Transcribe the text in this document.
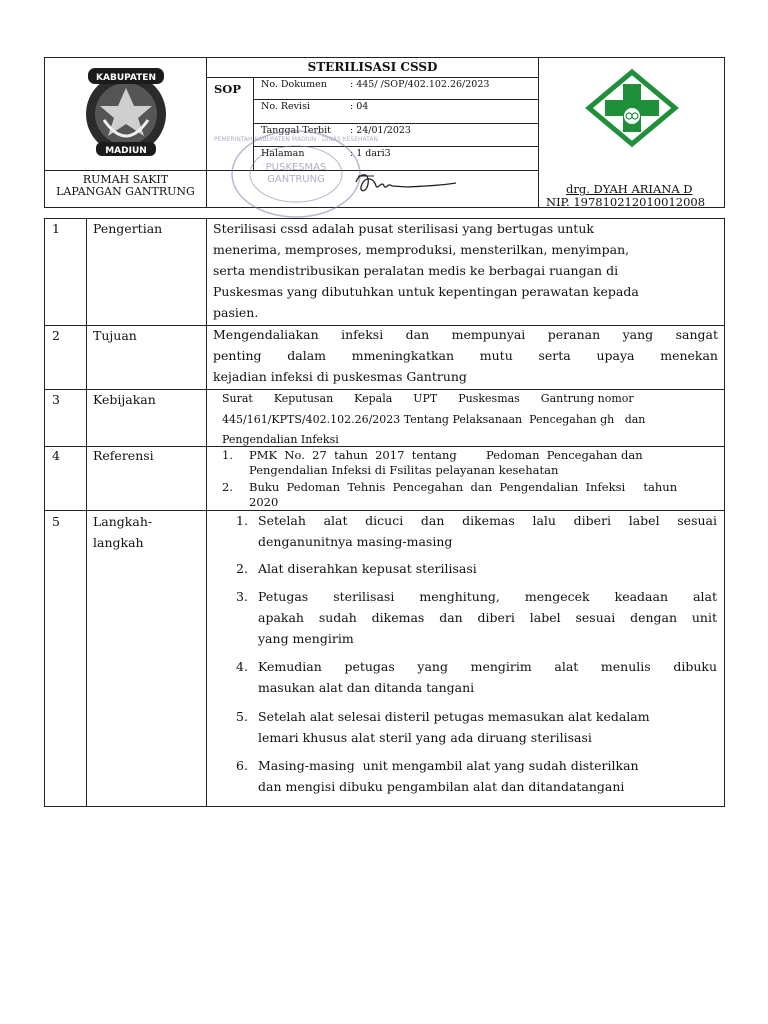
KABUPATEN
MADIUN
RUMAH SAKIT
LAPANGAN GANTRUNG
STERILISASI CSSD
SOP No. Dokumen : 445/ /SOP/402.102.26/2023
No. Revisi	: 04
Tanggal Terbit : 24/01/2023
Halaman	: 1 dari3
PUSKESMAS
GANTRUNG
PEMERINTAH KABUPATEN MADIUN · DINAS KESEHATAN
drg. DYAH ARIANA D
NIP. 197810212010012008
1	Pengertian	Sterilisasi cssd adalah pusat sterilisasi yang bertugas untuk
menerima, memproses, memproduksi, mensterilkan, menyimpan,
serta mendistribusikan peralatan medis ke berbagai ruangan di
Puskesmas yang dibutuhkan untuk kepentingan perawatan kepada
pasien.
2	Tujuan	Mengendaliakan infeksi dan mempunyai peranan yang sangat
penting dalam mmeningkatkan mutu serta upaya menekan
kejadian infeksi di puskesmas Gantrung
3	Kebijakan	Surat      Keputusan      Kepala      UPT      Puskesmas      Gantrung nomor
445/161/KPTS/402.102.26/2023 Tentang Pelaksanaan  Pencegahan gh   dan
Pengendalian Infeksi
4	Referensi	1. PMK  No.  27  tahun  2017  tentang        Pedoman  Pencegahan dan
Pengendalian Infeksi di Fsilitas pelayanan kesehatan
2. Buku  Pedoman  Tehnis  Pencegahan  dan  Pengendalian  Infeksi     tahun
2020
5	Langkah-
langkah
1. Setelah alat dicuci dan dikemas lalu diberi label sesuai
denganunitnya masing-masing
2. Alat diserahkan kepusat sterilisasi
3. Petugas sterilisasi menghitung, mengecek keadaan alat
apakah sudah dikemas dan diberi label sesuai dengan unit
yang mengirim
4. Kemudian petugas yang mengirim alat menulis dibuku
masukan alat dan ditanda tangani
5. Setelah alat selesai disteril petugas memasukan alat kedalam
lemari khusus alat steril yang ada diruang sterilisasi
6. Masing-masing  unit mengambil alat yang sudah disterilkan
dan mengisi dibuku pengambilan alat dan ditandatangani
